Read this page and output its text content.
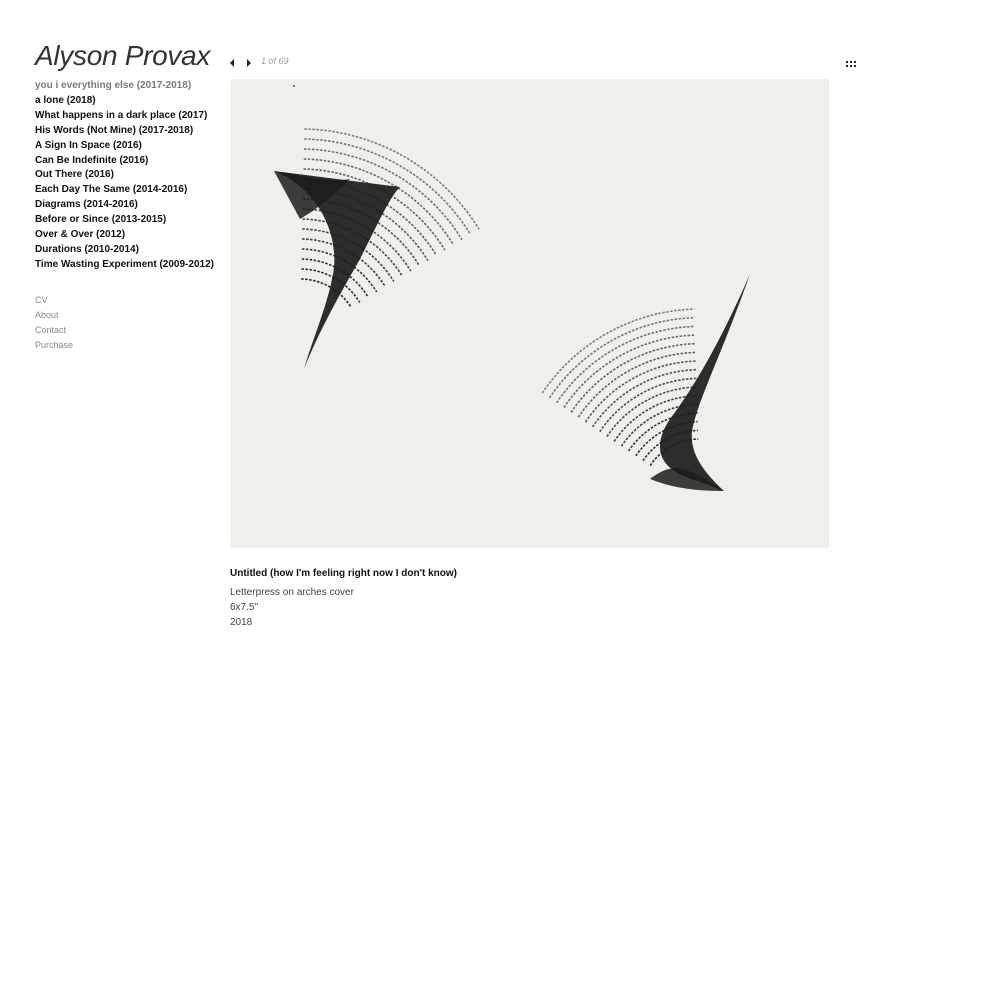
Alyson Provax
you i everything else (2017-2018)
a lone (2018)
What happens in a dark place (2017)
His Words (Not Mine) (2017-2018)
A Sign In Space (2016)
Can Be Indefinite (2016)
Out There (2016)
Each Day The Same (2014-2016)
Diagrams (2014-2016)
Before or Since (2013-2015)
Over & Over (2012)
Durations (2010-2014)
Time Wasting Experiment (2009-2012)
CV
About
Contact
Purchase
1 of 69
Untitled (how I'm feeling right now I don't know)
Letterpress on arches cover
6x7.5"
2018
